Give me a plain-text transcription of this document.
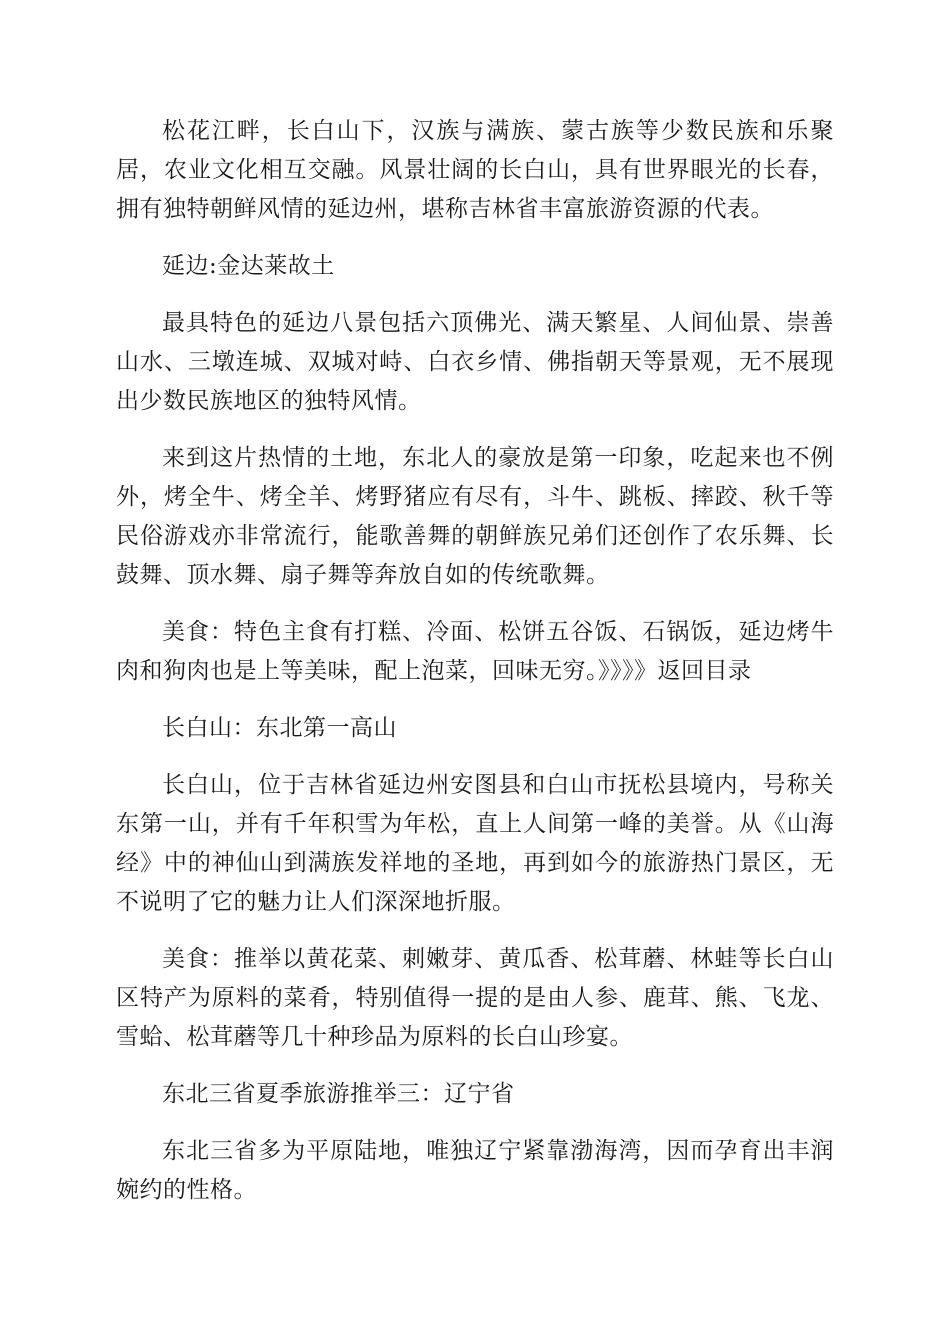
松花江畔，长白山下，汉族与满族、蒙古族等少数民族和乐聚居，农业文化相互交融。风景壮阔的长白山，具有世界眼光的长春，拥有独特朝鲜风情的延边州，堪称吉林省丰富旅游资源的代表。

延边:金达莱故土

最具特色的延边八景包括六顶佛光、满天繁星、人间仙景、崇善山水、三墩连城、双城对峙、白衣乡情、佛指朝天等景观，无不展现出少数民族地区的独特风情。

来到这片热情的土地，东北人的豪放是第一印象，吃起来也不例外，烤全牛、烤全羊、烤野猪应有尽有，斗牛、跳板、摔跤、秋千等民俗游戏亦非常流行，能歌善舞的朝鲜族兄弟们还创作了农乐舞、长鼓舞、顶水舞、扇子舞等奔放自如的传统歌舞。

美食：特色主食有打糕、冷面、松饼五谷饭、石锅饭，延边烤牛肉和狗肉也是上等美味，配上泡菜，回味无穷。》》》》返回目录

长白山：东北第一高山

长白山，位于吉林省延边州安图县和白山市抚松县境内，号称关东第一山，并有千年积雪为年松，直上人间第一峰的美誉。从《山海经》中的神仙山到满族发祥地的圣地，再到如今的旅游热门景区，无不说明了它的魅力让人们深深地折服。

美食：推举以黄花菜、刺嫩芽、黄瓜香、松茸蘑、林蛙等长白山区特产为原料的菜肴，特别值得一提的是由人参、鹿茸、熊、飞龙、雪蛤、松茸蘑等几十种珍品为原料的长白山珍宴。

东北三省夏季旅游推举三：辽宁省

东北三省多为平原陆地，唯独辽宁紧靠渤海湾，因而孕育出丰润婉约的性格。
